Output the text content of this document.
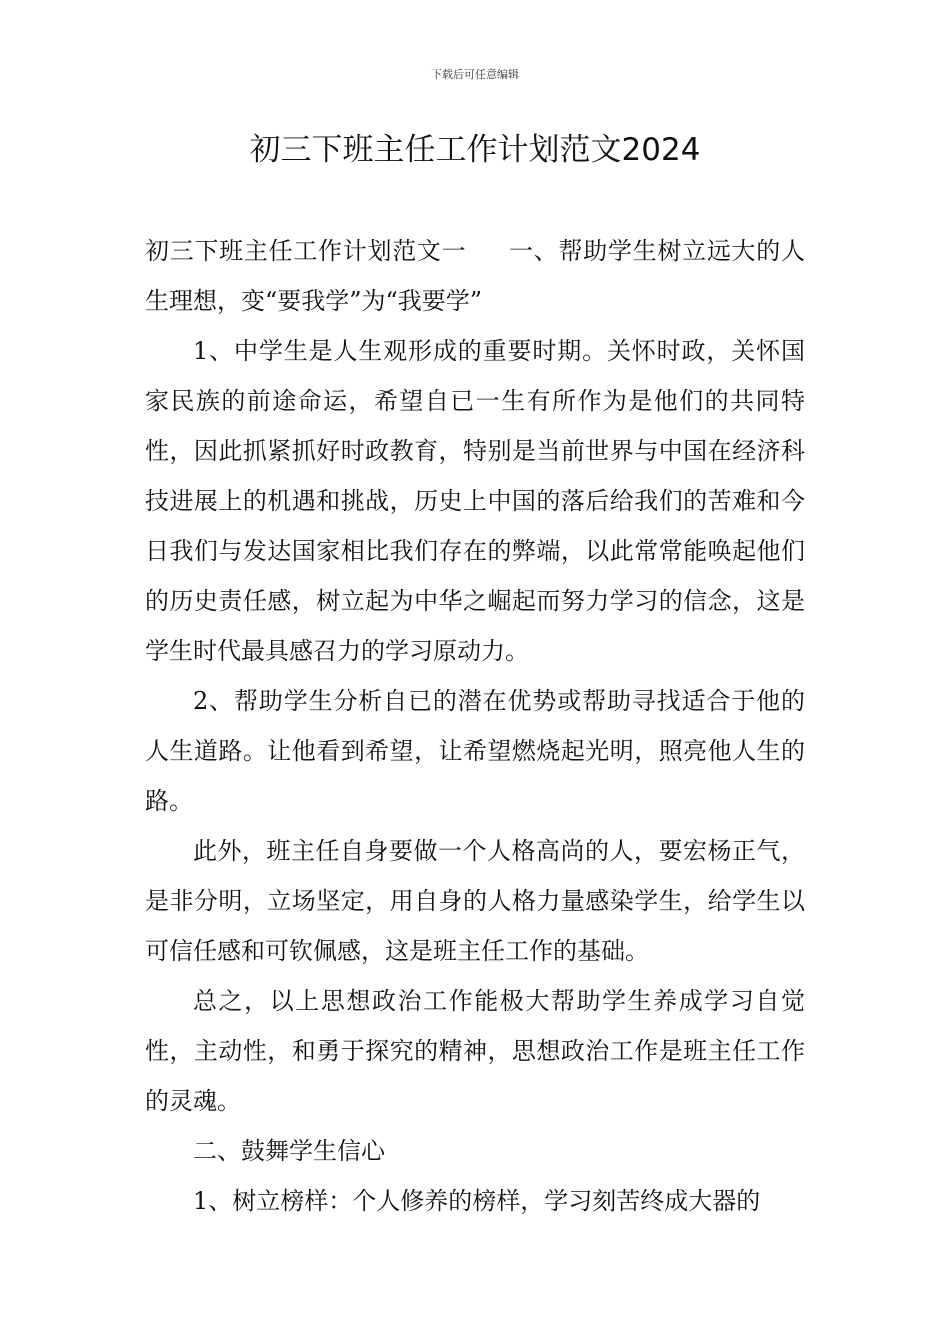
下载后可任意编辑
初三下班主任工作计划范文2024

初三下班主任工作计划范文一 一、帮助学生树立远大的人生理想，变“要我学”为“我要学”

1、中学生是人生观形成的重要时期。关怀时政，关怀国家民族的前途命运，希望自已一生有所作为是他们的共同特性，因此抓紧抓好时政教育，特别是当前世界与中国在经济科技进展上的机遇和挑战，历史上中国的落后给我们的苦难和今日我们与发达国家相比我们存在的弊端，以此常常能唤起他们的历史责任感，树立起为中华之崛起而努力学习的信念，这是学生时代最具感召力的学习原动力。

2、帮助学生分析自已的潜在优势或帮助寻找适合于他的人生道路。让他看到希望，让希望燃烧起光明，照亮他人生的路。

此外，班主任自身要做一个人格高尚的人，要宏杨正气，是非分明，立场坚定，用自身的人格力量感染学生，给学生以可信任感和可钦佩感，这是班主任工作的基础。

总之，以上思想政治工作能极大帮助学生养成学习自觉性，主动性，和勇于探究的精神，思想政治工作是班主任工作的灵魂。

二、鼓舞学生信心

1、树立榜样：个人修养的榜样，学习刻苦终成大器的
